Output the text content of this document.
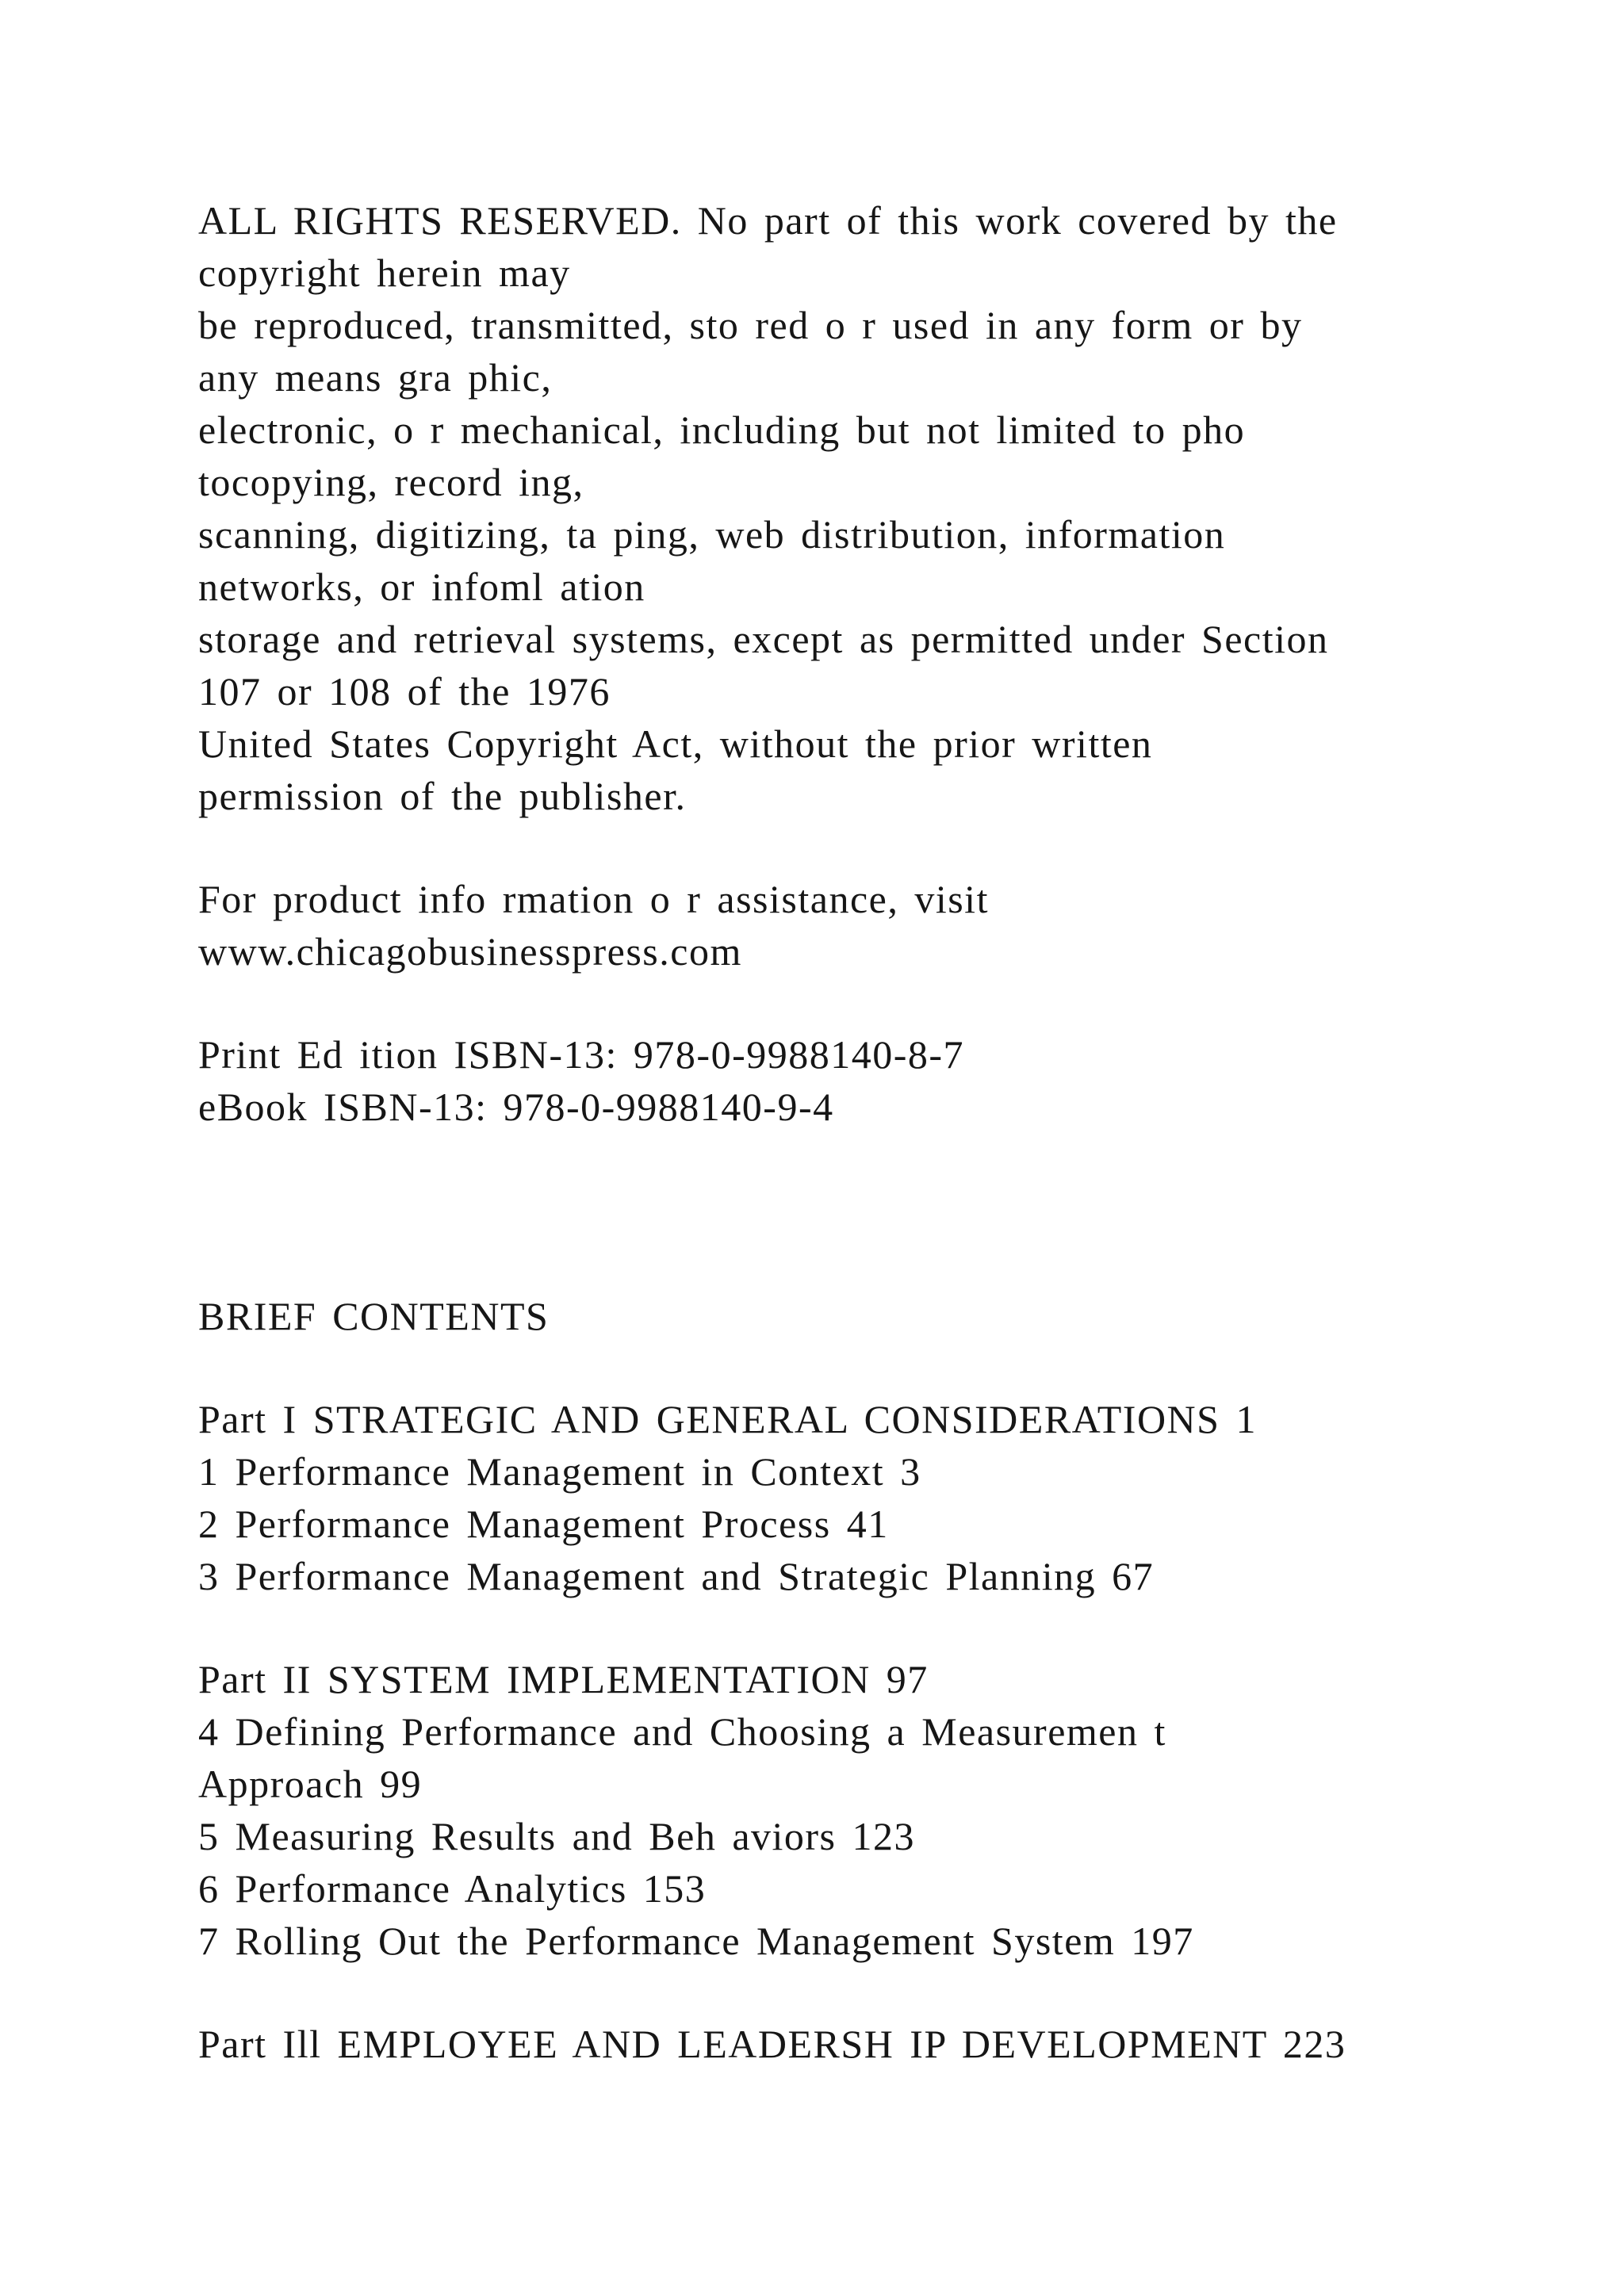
ALL RIGHTS RESERVED. No part of this work covered by the
copyright herein may
be reproduced, transmitted, sto red o r used in any form or by
any means gra phic,
electronic, o r mechanical, including but not limited to pho
tocopying, record ing,
scanning, digitizing, ta ping, web distribution, information
networks, or infoml ation
storage and retrieval systems, except as permitted under Section
107 or 108 of the 1976
United States Copyright Act, without the prior written
permission of the publisher.
For product info rmation o r assistance, visit
www.chicagobusinesspress.com
Print Ed ition ISBN-13: 978-0-9988140-8-7
eBook ISBN-13: 978-0-9988140-9-4
BRIEF CONTENTS
Part I STRATEGIC AND GENERAL CONSIDERATIONS 1
1 Performance Management in Context 3
2 Performance Management Process 41
3 Performance Management and Strategic Planning 67
Part II SYSTEM IMPLEMENTATION 97
4 Defining Performance and Choosing a Measuremen t
Approach 99
5 Measuring Results and Beh aviors 123
6 Performance Analytics 153
7 Rolling Out the Performance Management System 197
Part Ill EMPLOYEE AND LEADERSH IP DEVELOPMENT 223
